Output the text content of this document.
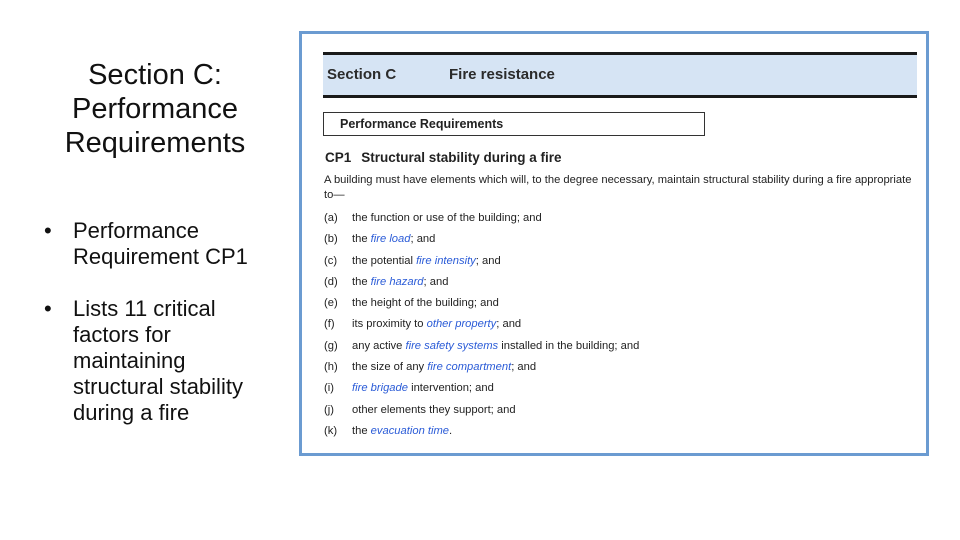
Section C: Performance Requirements
• Performance Requirement CP1
• Lists 11 critical factors for maintaining structural stability during a fire
Section C	Fire resistance
Performance Requirements
CP1 Structural stability during a fire
A building must have elements which will, to the degree necessary, maintain structural stability during a fire appropriate to—
(a) the function or use of the building; and
(b) the fire load; and
(c) the potential fire intensity; and
(d) the fire hazard; and
(e) the height of the building; and
(f) its proximity to other property; and
(g) any active fire safety systems installed in the building; and
(h) the size of any fire compartment; and
(i) fire brigade intervention; and
(j) other elements they support; and
(k) the evacuation time.
